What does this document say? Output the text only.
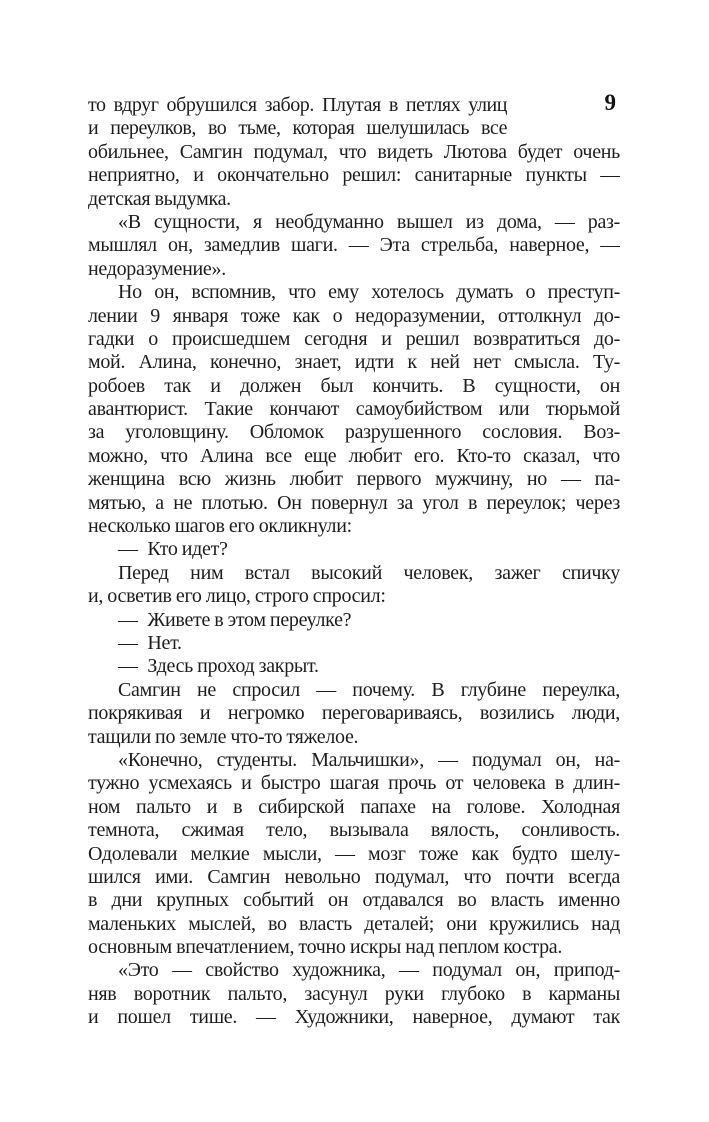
9
то вдруг обрушился забор. Плутая в петлях улиц
и переулков, во тьме, которая шелушилась все
обильнее, Самгин подумал, что видеть Лютова будет очень
неприятно, и окончательно решил: санитарные пункты —
детская выдумка.
«В сущности, я необдуманно вышел из дома, — раз-
мышлял он, замедлив шаги. — Эта стрельба, наверное, —
недоразумение».
Но он, вспомнив, что ему хотелось думать о преступ-
лении 9 января тоже как о недоразумении, оттолкнул до-
гадки о происшедшем сегодня и решил возвратиться до-
мой. Алина, конечно, знает, идти к ней нет смысла. Ту-
робоев так и должен был кончить. В сущности, он
авантюрист. Такие кончают самоубийством или тюрьмой
за уголовщину. Обломок разрушенного сословия. Воз-
можно, что Алина все еще любит его. Кто-то сказал, что
женщина всю жизнь любит первого мужчину, но — па-
мятью, а не плотью. Он повернул за угол в переулок; через
несколько шагов его окликнули:
— Кто идет?
Перед ним встал высокий человек, зажег спичку
и, осветив его лицо, строго спросил:
— Живете в этом переулке?
— Нет.
— Здесь проход закрыт.
Самгин не спросил — почему. В глубине переулка,
покрякивая и негромко переговариваясь, возились люди,
тащили по земле что-то тяжелое.
«Конечно, студенты. Мальчишки», — подумал он, на-
тужно усмехаясь и быстро шагая прочь от человека в длин-
ном пальто и в сибирской папахе на голове. Холодная
темнота, сжимая тело, вызывала вялость, сонливость.
Одолевали мелкие мысли, — мозг тоже как будто шелу-
шился ими. Самгин невольно подумал, что почти всегда
в дни крупных событий он отдавался во власть именно
маленьких мыслей, во власть деталей; они кружились над
основным впечатлением, точно искры над пеплом костра.
«Это — свойство художника, — подумал он, припод-
няв воротник пальто, засунул руки глубоко в карманы
и пошел тише. — Художники, наверное, думают так
